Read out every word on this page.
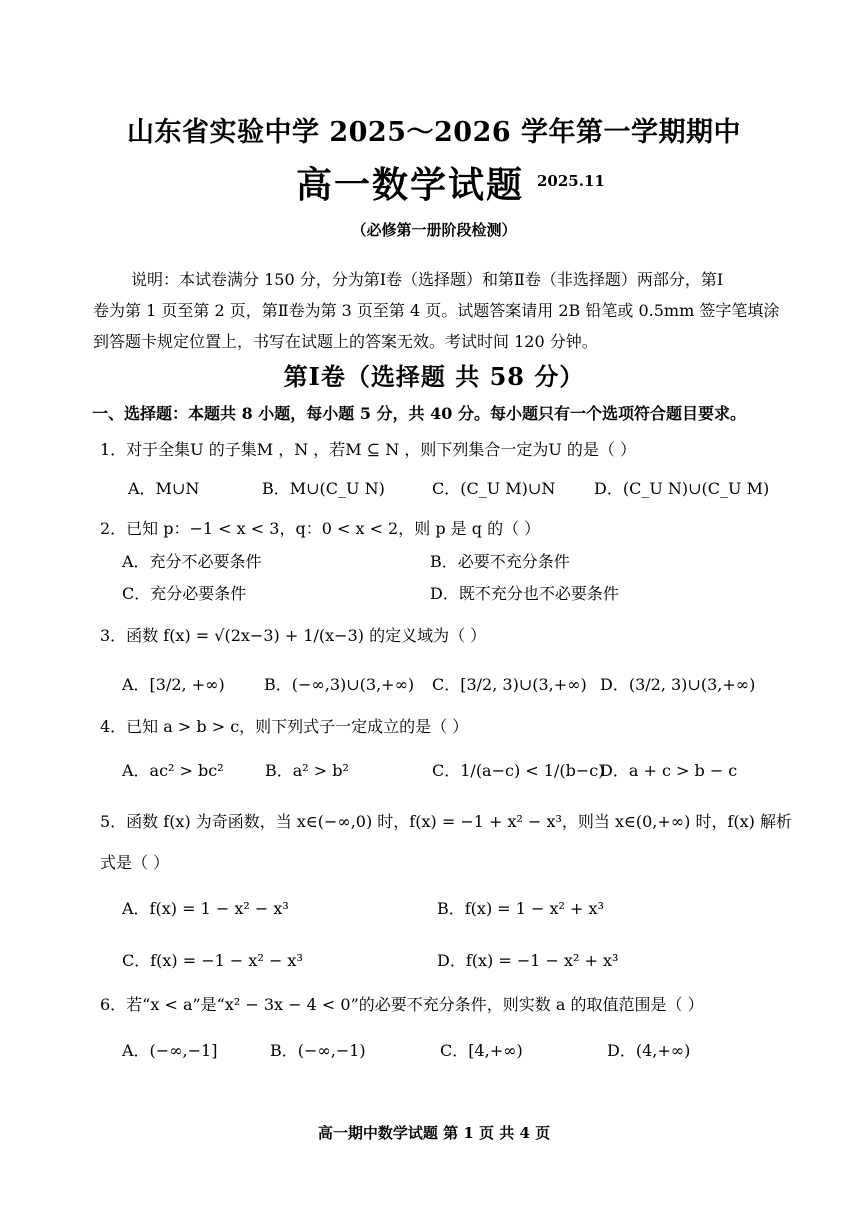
山东省实验中学 2025～2026 学年第一学期期中
高一数学试题 2025.11
（必修第一册阶段检测）
说明：本试卷满分 150 分，分为第Ⅰ卷（选择题）和第Ⅱ卷（非选择题）两部分，第Ⅰ
卷为第 1 页至第 2 页，第Ⅱ卷为第 3 页至第 4 页。试题答案请用 2B 铅笔或 0.5mm 签字笔填涂
到答题卡规定位置上，书写在试题上的答案无效。考试时间 120 分钟。
第Ⅰ卷（选择题 共 58 分）
一、选择题：本题共 8 小题，每小题 5 分，共 40 分。每小题只有一个选项符合题目要求。
1．对于全集U 的子集M ，N ，若M ⊆ N ，则下列集合一定为U 的是（ ）
A．M∪N	B．M∪(C_U N)	C．(C_U M)∪N D．(C_U N)∪(C_U M)
2．已知 p：−1 < x < 3，q：0 < x < 2，则 p 是 q 的（ ）
A．充分不必要条件	B．必要不充分条件
C．充分必要条件	D．既不充分也不必要条件
3．函数 f(x) = √(2x−3) + 1/(x−3) 的定义域为（ ）
A．[3/2, +∞) B．(−∞,3)∪(3,+∞) C．[3/2, 3)∪(3,+∞) D．(3/2, 3)∪(3,+∞)
4．已知 a > b > c，则下列式子一定成立的是（ ）
A．ac² > bc²	B．a² > b²	C．1/(a−c) < 1/(b−c)
D．a + c > b − c
5．函数 f(x) 为奇函数，当 x∈(−∞,0) 时，f(x) = −1 + x² − x³，则当 x∈(0,+∞) 时，f(x) 解析
式是（ ）
A．f(x) = 1 − x² − x³	B．f(x) = 1 − x² + x³
C．f(x) = −1 − x² − x³	D．f(x) = −1 − x² + x³
6．若“x < a”是“x² − 3x − 4 < 0”的必要不充分条件，则实数 a 的取值范围是（ ）
A．(−∞,−1]	B．(−∞,−1)	C．[4,+∞)	D．(4,+∞)
高一期中数学试题 第 1 页 共 4 页
